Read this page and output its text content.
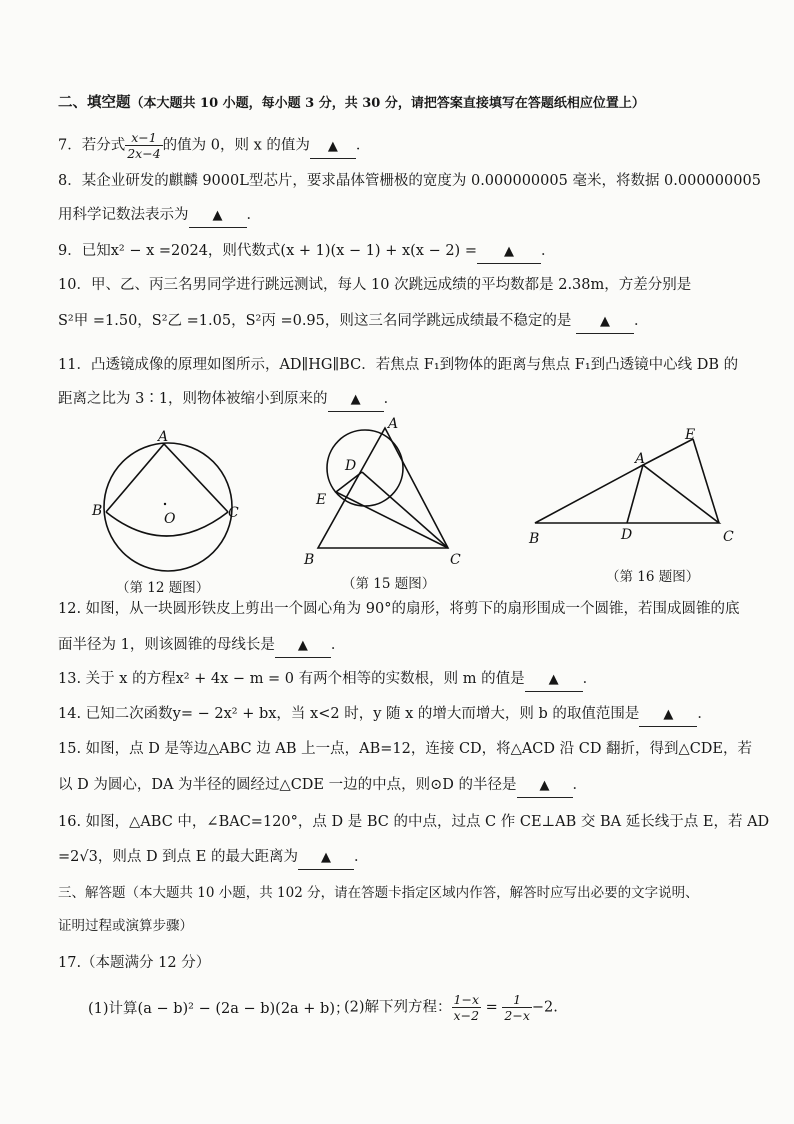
二、填空题（本大题共 10 小题，每小题 3 分，共 30 分，请把答案直接填写在答题纸相应位置上）
7．若分式 $\frac{x-1}{2x-4}$ 的值为 0，则 x 的值为 ▲ ．
8．某企业研发的麒麟 9000L型芯片，要求晶体管栅极的宽度为 0.000000005 毫米，将数据 0.000000005
用科学记数法表示为 ▲ ．
9．已知x² − x =2024，则代数式(x + 1)(x − 1) + x(x − 2) = ▲ ．
10．甲、乙、丙三名男同学进行跳远测试，每人 10 次跳远成绩的平均数都是 2.38m，方差分别是
S²甲 =1.50，S²乙 =1.05，S²丙 =0.95，则这三名同学跳远成绩最不稳定的是 ▲ ．
11．凸透镜成像的原理如图所示，AD∥HG∥BC．若焦点 F₁到物体的距离与焦点 F₁到凸透镜中心线 DB 的
距离之比为 3∶1，则物体被缩小到原来的 ▲ ．
A
B	O	C
（第 12 题图）
A
D
E
B	C
（第 15 题图）
E
A
B	D	C
（第 16 题图）
12. 如图，从一块圆形铁皮上剪出一个圆心角为 90°的扇形，将剪下的扇形围成一个圆锥，若围成圆锥的底
面半径为 1，则该圆锥的母线长是 ▲ ．
13. 关于 x 的方程x² + 4x − m = 0 有两个相等的实数根，则 m 的值是 ▲ ．
14. 已知二次函数y= − 2x² + bx，当 x<2 时，y 随 x 的增大而增大，则 b 的取值范围是 ▲ ．
15. 如图，点 D 是等边△ABC 边 AB 上一点，AB=12，连接 CD，将△ACD 沿 CD 翻折，得到△CDE，若
以 D 为圆心，DA 为半径的圆经过△CDE 一边的中点，则⊙D 的半径是 ▲ ．
16. 如图，△ABC 中，∠BAC=120°，点 D 是 BC 的中点，过点 C 作 CE⊥AB 交 BA 延长线于点 E，若 AD
=2√3，则点 D 到点 E 的最大距离为 ▲ ．
三、解答题（本大题共 10 小题，共 102 分，请在答题卡指定区域内作答，解答时应写出必要的文字说明、
证明过程或演算步骤）
17.（本题满分 12 分）
(1)计算(a − b)² − (2a − b)(2a + b)；
(2)解下列方程： $\frac{1-x}{x-2} = \frac{1}{2-x} -2$.
